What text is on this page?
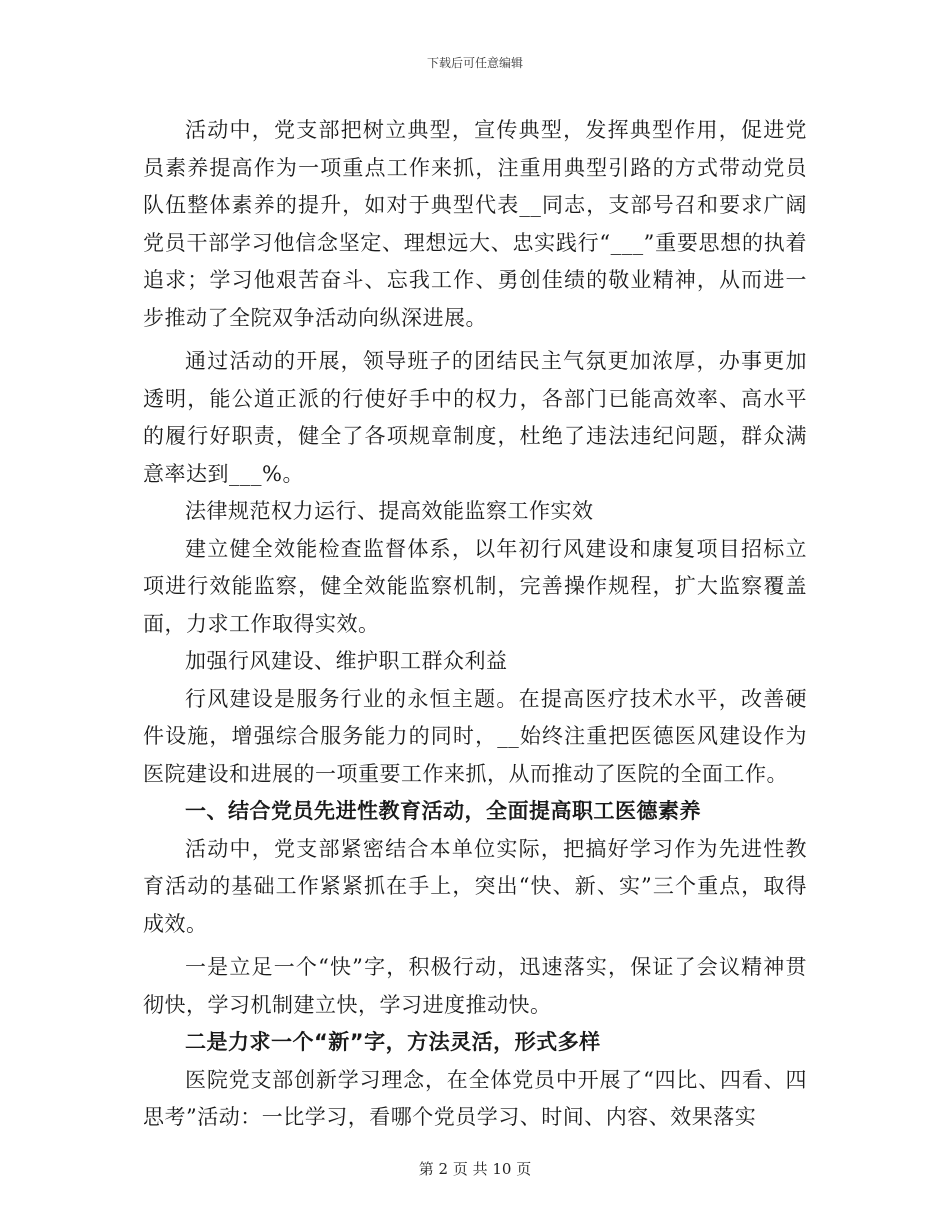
下载后可任意编辑

活动中，党支部把树立典型，宣传典型，发挥典型作用，促进党员素养提高作为一项重点工作来抓，注重用典型引路的方式带动党员队伍整体素养的提升，如对于典型代表__同志，支部号召和要求广阔党员干部学习他信念坚定、理想远大、忠实践行“___”重要思想的执着追求；学习他艰苦奋斗、忘我工作、勇创佳绩的敬业精神，从而进一步推动了全院双争活动向纵深进展。

通过活动的开展，领导班子的团结民主气氛更加浓厚，办事更加透明，能公道正派的行使好手中的权力，各部门已能高效率、高水平的履行好职责，健全了各项规章制度，杜绝了违法违纪问题，群众满意率达到___%。

法律规范权力运行、提高效能监察工作实效

建立健全效能检查监督体系，以年初行风建设和康复项目招标立项进行效能监察，健全效能监察机制，完善操作规程，扩大监察覆盖面，力求工作取得实效。

加强行风建设、维护职工群众利益

行风建设是服务行业的永恒主题。在提高医疗技术水平，改善硬件设施，增强综合服务能力的同时，__始终注重把医德医风建设作为医院建设和进展的一项重要工作来抓，从而推动了医院的全面工作。

一、结合党员先进性教育活动，全面提高职工医德素养

活动中，党支部紧密结合本单位实际，把搞好学习作为先进性教育活动的基础工作紧紧抓在手上，突出“快、新、实”三个重点，取得成效。

一是立足一个“快”字，积极行动，迅速落实，保证了会议精神贯彻快，学习机制建立快，学习进度推动快。

二是力求一个“新”字，方法灵活，形式多样

医院党支部创新学习理念，在全体党员中开展了“四比、四看、四思考”活动：一比学习，看哪个党员学习、时间、内容、效果落实

第 2 页 共 10 页
